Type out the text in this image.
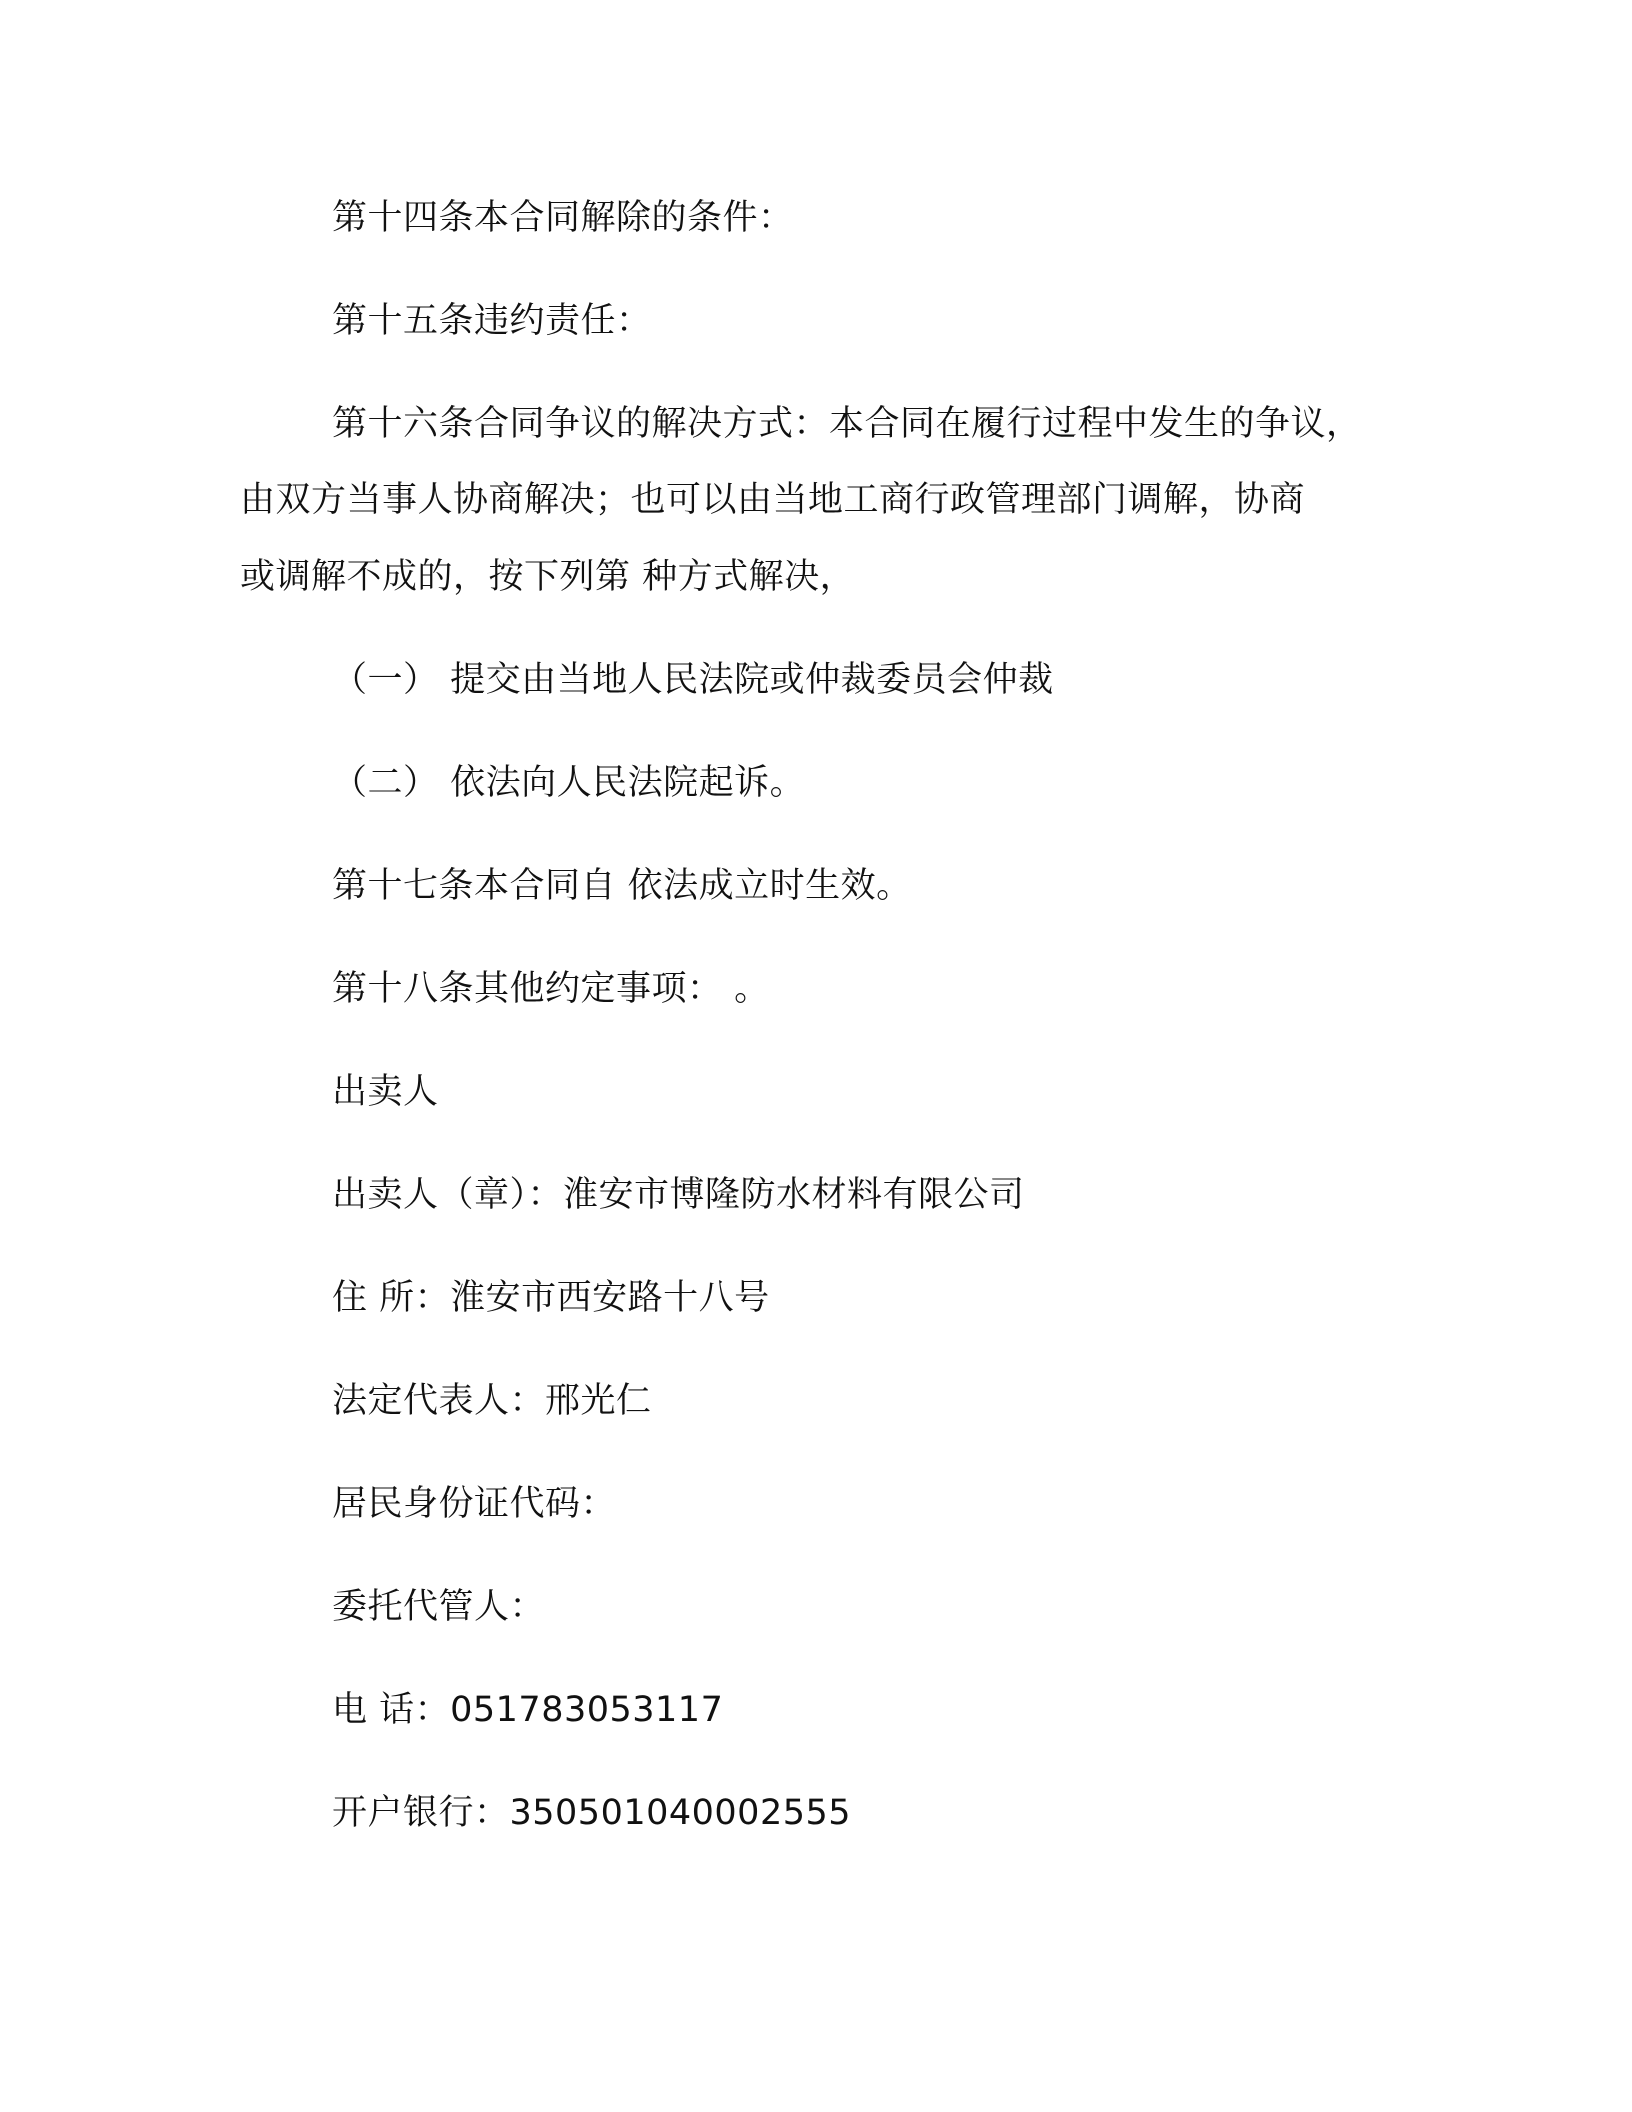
第十四条本合同解除的条件：
第十五条违约责任：
第十六条合同争议的解决方式：本合同在履行过程中发生的争议，
由双方当事人协商解决；也可以由当地工商行政管理部门调解，协商
或调解不成的，按下列第 种方式解决，
（一） 提交由当地人民法院或仲裁委员会仲裁
（二） 依法向人民法院起诉。
第十七条本合同自 依法成立时生效。
第十八条其他约定事项： 。
出卖人
出卖人（章）：淮安市博隆防水材料有限公司
住 所：淮安市西安路十八号
法定代表人：邢光仁
居民身份证代码：
委托代管人：
电 话：051783053117
开户银行：350501040002555
